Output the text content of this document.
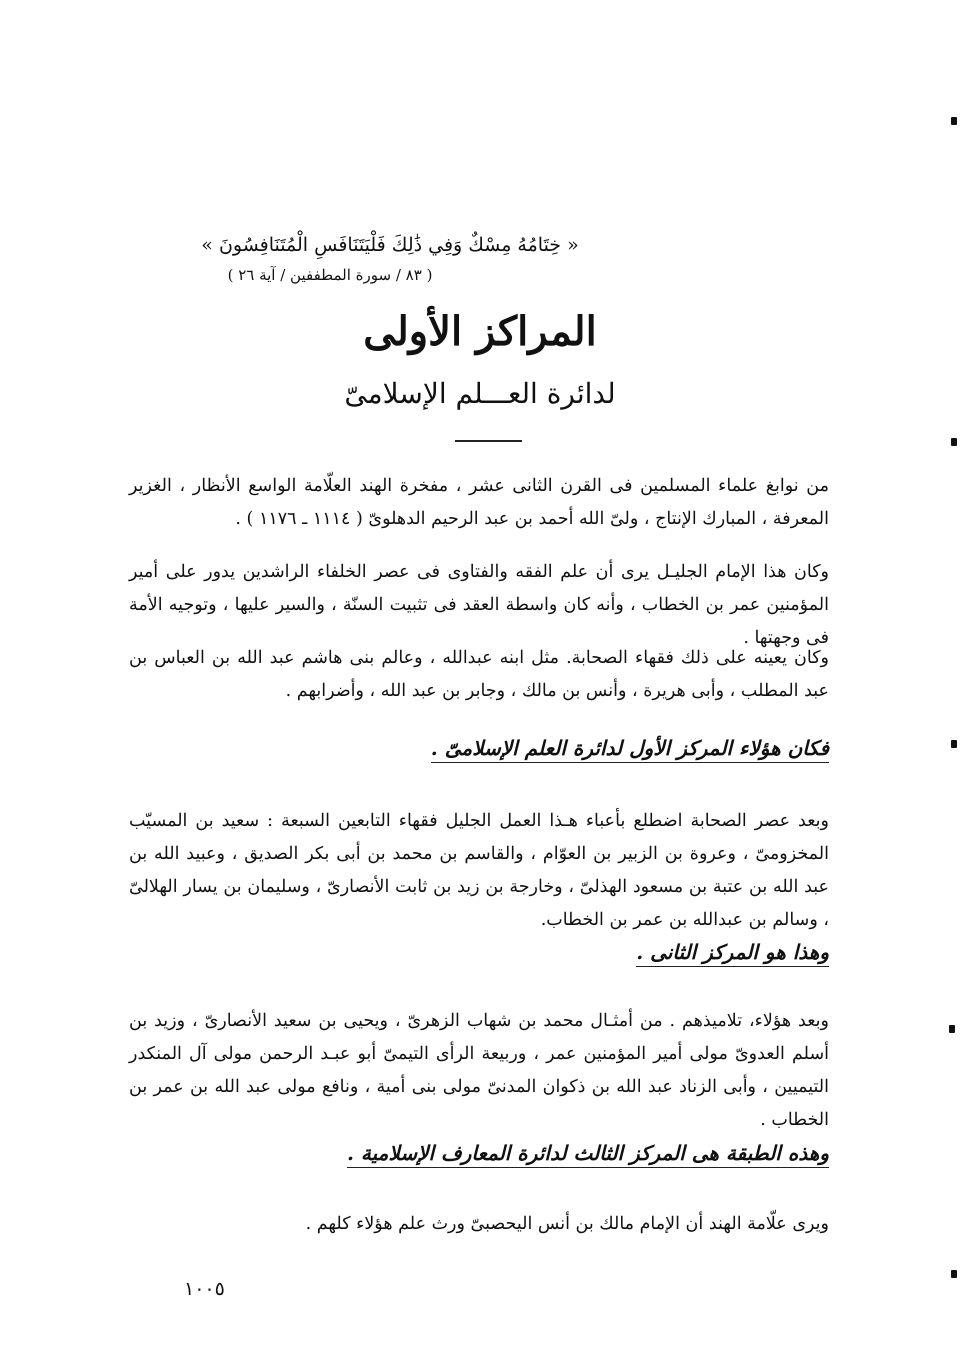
« خِتَامُهُ مِسْكٌ وَفِي ذَٰلِكَ فَلْيَتَنَافَسِ الْمُتَنَافِسُونَ »
( ٨٣ / سورة المطففين / آية ٢٦ )
المراكز الأولى
لدائرة العـــلم الإسلامىّ
من نوابغ علماء المسلمين فى القرن الثانى عشر ، مفخرة الهند العلّامة الواسع الأنظار ، الغزير المعرفة ، المبارك الإنتاج ، ولىّ الله أحمد بن عبد الرحيم الدهلوىّ ( ١١١٤ ـ ١١٧٦ ) .
وكان هذا الإمام الجليـل يرى أن علم الفقه والفتاوى فى عصر الخلفاء الراشدين يدور على أمير المؤمنين عمر بن الخطاب ، وأنه كان واسطة العقد فى تثبيت السنّة ، والسير عليها ، وتوجيه الأمة فى وجهتها .
وكان يعينه على ذلك فقهاء الصحابة. مثل ابنه عبدالله ، وعالم بنى هاشم عبد الله بن العباس بن عبد المطلب ، وأبى هريرة ، وأنس بن مالك ، وجابر بن عبد الله ، وأضرابهم .
فكان هؤلاء المركز الأول لدائرة العلم الإسلامىّ .
وبعد عصر الصحابة اضطلع بأعباء هـذا العمل الجليل فقهاء التابعين السبعة : سعيد بن المسيّب المخزومىّ ، وعروة بن الزبير بن العوّام ، والقاسم بن محمد بن أبى بكر الصديق ، وعبيد الله بن عبد الله بن عتبة بن مسعود الهذلىّ ، وخارجة بن زيد بن ثابت الأنصارىّ ، وسليمان بن يسار الهلالىّ ، وسالم بن عبدالله بن عمر بن الخطاب.
وهذا هو المركز الثانى .
وبعد هؤلاء، تلاميذهم . من أمثـال محمد بن شهاب الزهرىّ ، ويحيى بن سعيد الأنصارىّ ، وزيد بن أسلم العدوىّ مولى أمير المؤمنين عمر ، وربيعة الرأى التيمىّ أبو عبـد الرحمن مولى آل المنكدر التيميين ، وأبى الزناد عبد الله بن ذكوان المدنىّ مولى بنى أمية ، ونافع مولى عبد الله بن عمر بن الخطاب .
وهذه الطبقة هى المركز الثالث لدائرة المعارف الإسلامية .
ويرى علّامة الهند أن الإمام مالك بن أنس اليحصبىّ ورث علم هؤلاء كلهم .
١٠٠٥
